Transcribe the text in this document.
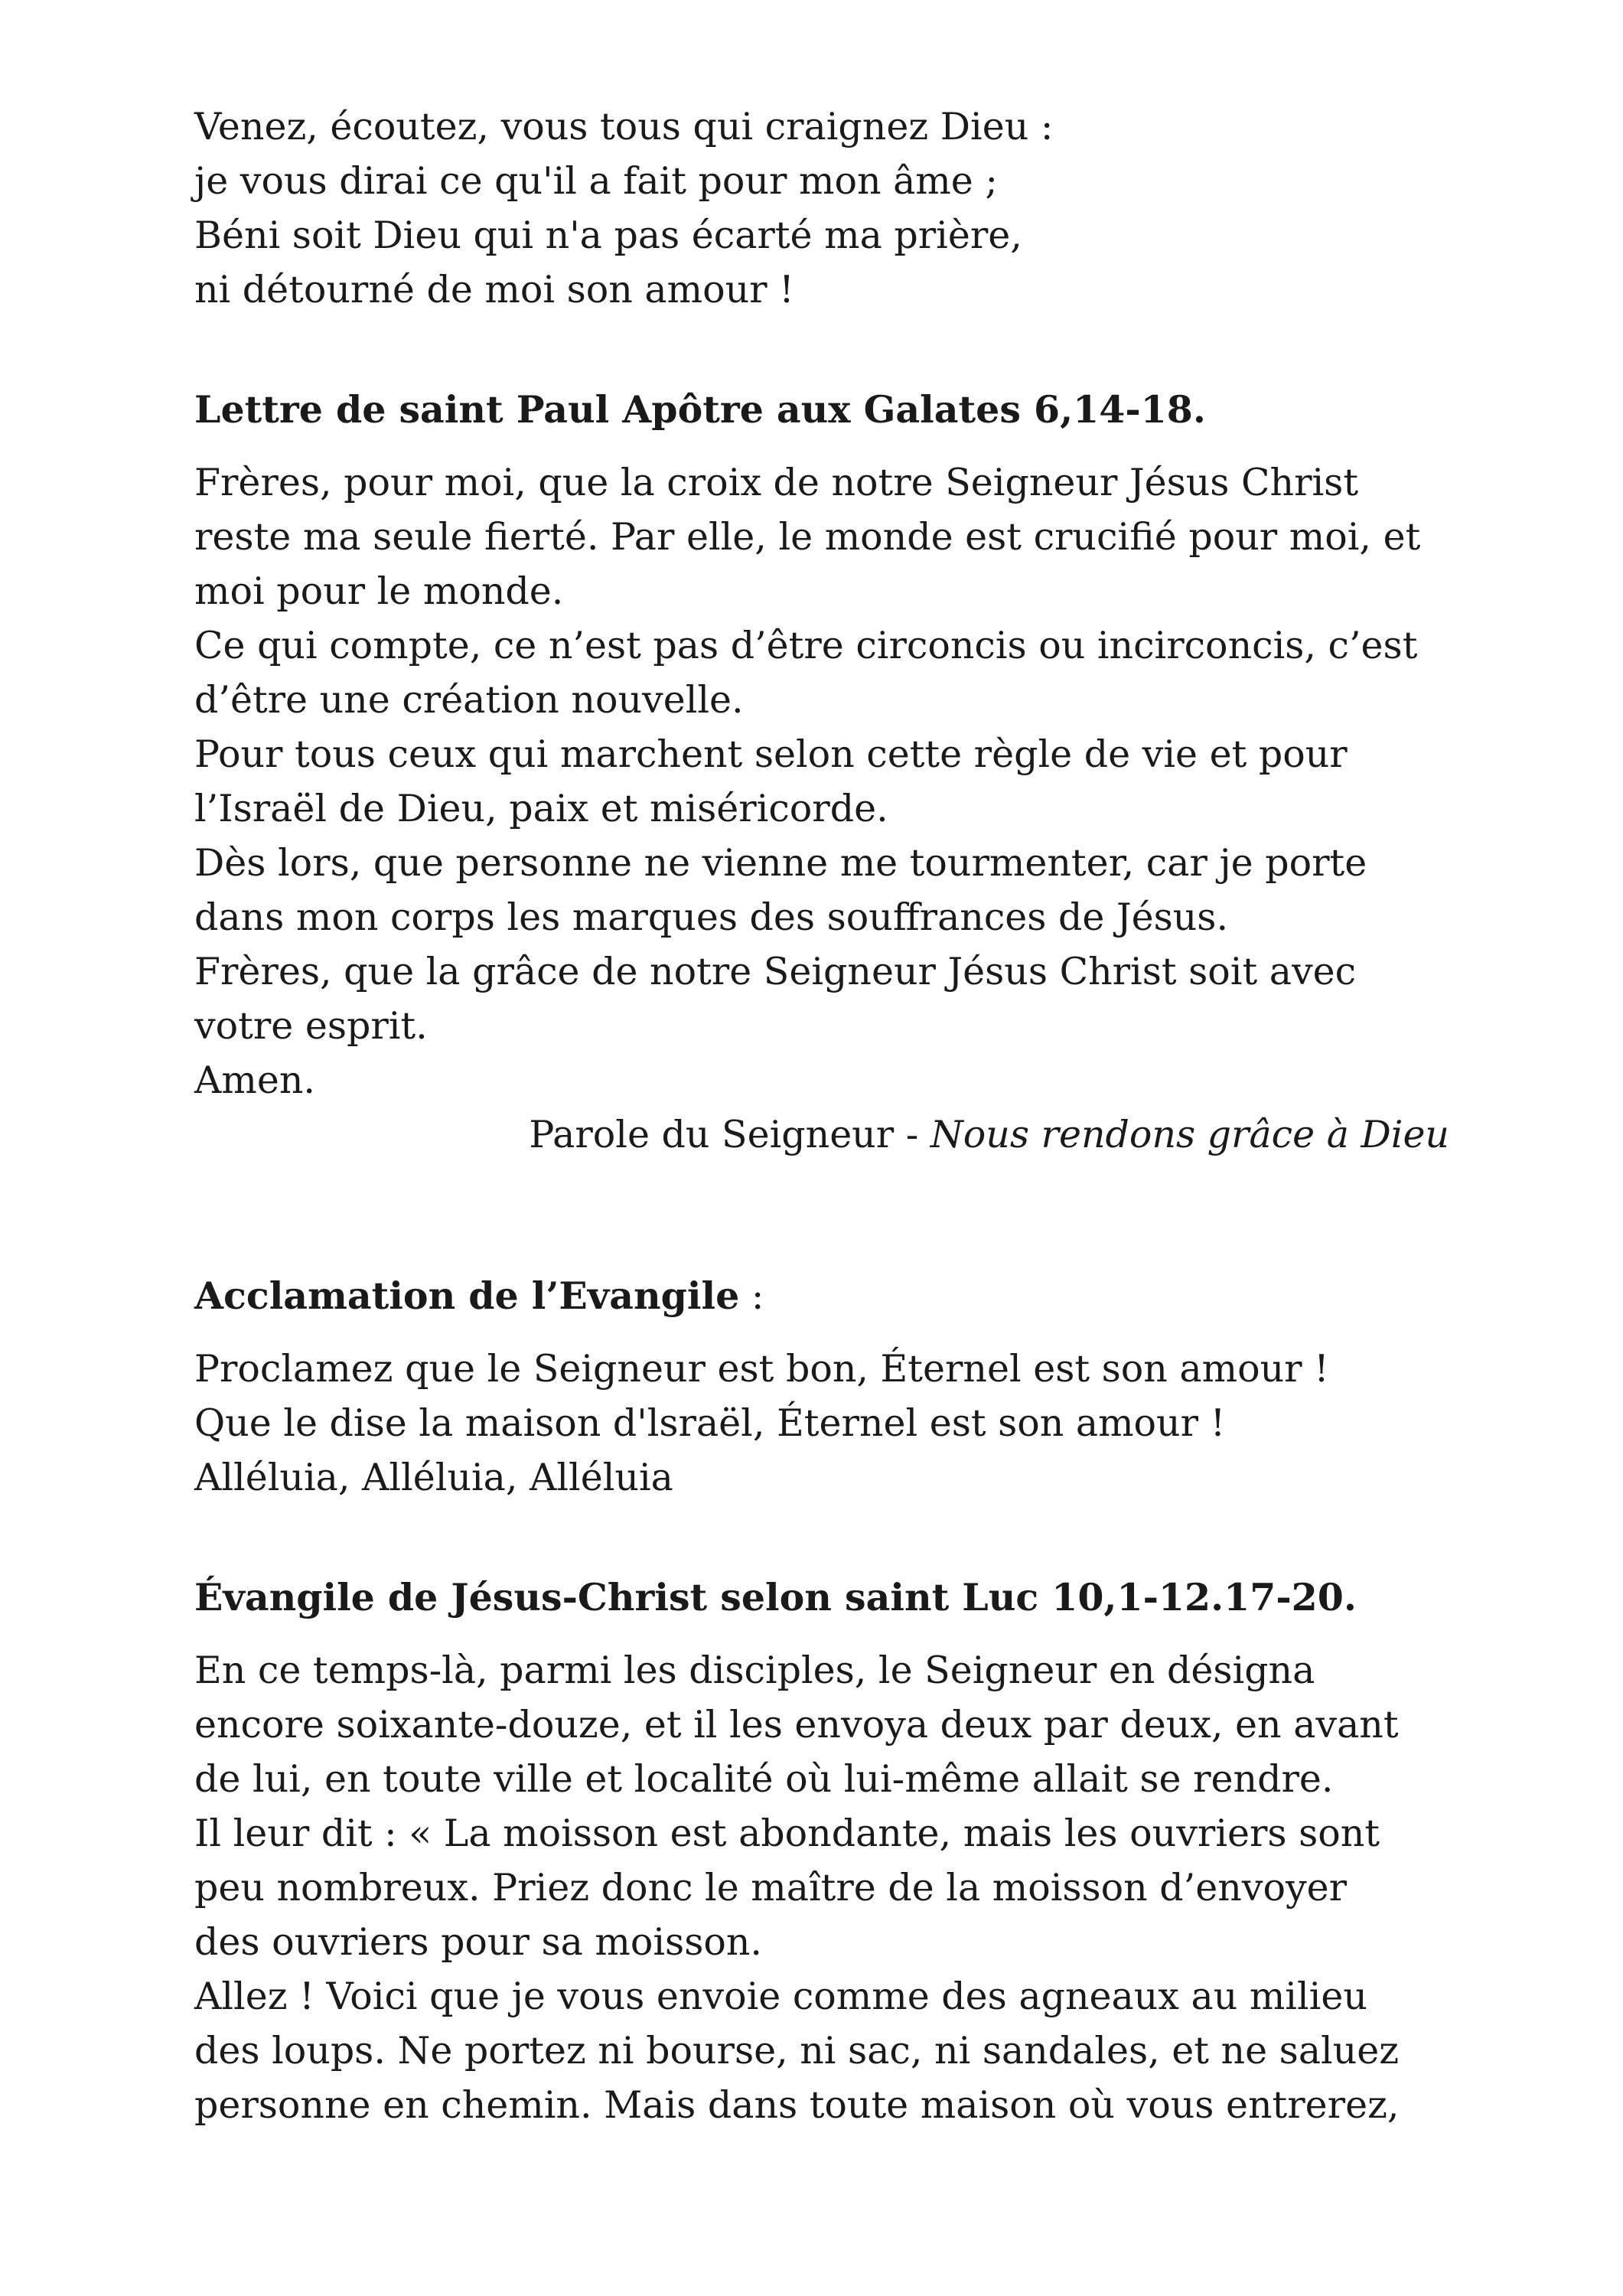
Venez, écoutez, vous tous qui craignez Dieu :
je vous dirai ce qu'il a fait pour mon âme ;
Béni soit Dieu qui n'a pas écarté ma prière,
ni détourné de moi son amour !
Lettre de saint Paul Apôtre aux Galates 6,14-18.
Frères, pour moi, que la croix de notre Seigneur Jésus Christ
reste ma seule fierté. Par elle, le monde est crucifié pour moi, et
moi pour le monde.
Ce qui compte, ce n’est pas d’être circoncis ou incirconcis, c’est
d’être une création nouvelle.
Pour tous ceux qui marchent selon cette règle de vie et pour
l’Israël de Dieu, paix et miséricorde.
Dès lors, que personne ne vienne me tourmenter, car je porte
dans mon corps les marques des souffrances de Jésus.
Frères, que la grâce de notre Seigneur Jésus Christ soit avec
votre esprit.
Amen.
Parole du Seigneur - Nous rendons grâce à Dieu
Acclamation de l’Evangile :
Proclamez que le Seigneur est bon, Éternel est son amour !
Que le dise la maison d'lsraël, Éternel est son amour !
Alléluia, Alléluia, Alléluia
Évangile de Jésus-Christ selon saint Luc 10,1-12.17-20.
En ce temps-là, parmi les disciples, le Seigneur en désigna
encore soixante-douze, et il les envoya deux par deux, en avant
de lui, en toute ville et localité où lui-même allait se rendre.
Il leur dit : « La moisson est abondante, mais les ouvriers sont
peu nombreux. Priez donc le maître de la moisson d’envoyer
des ouvriers pour sa moisson.
Allez ! Voici que je vous envoie comme des agneaux au milieu
des loups. Ne portez ni bourse, ni sac, ni sandales, et ne saluez
personne en chemin. Mais dans toute maison où vous entrerez,
